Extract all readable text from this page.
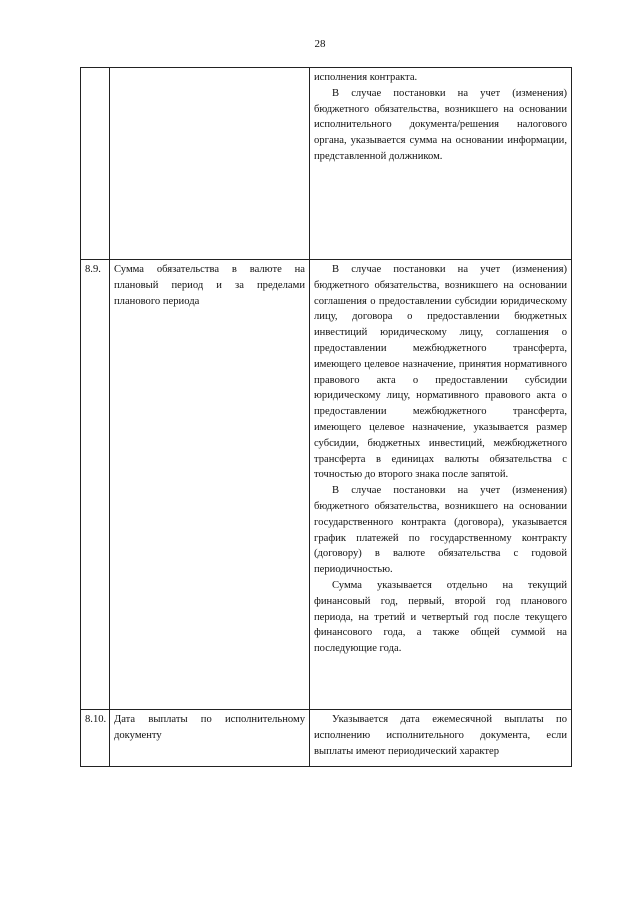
28

		исполнения контракта.

В случае постановки на учет (изменения) бюджетного обязательства, возникшего на основании исполнительного документа/решения налогового органа, указывается сумма на основании информации, представленной должником.

8.9.	Сумма обязательства в валюте на плановый период и за пределами планового периода	В случае постановки на учет (изменения) бюджетного обязательства, возникшего на основании соглашения о предоставлении субсидии юридическому лицу, договора о предоставлении бюджетных инвестиций юридическому лицу, соглашения о предоставлении межбюджетного трансферта, имеющего целевое назначение, принятия нормативного правового акта о предоставлении субсидии юридическому лицу, нормативного правового акта о предоставлении межбюджетного трансферта, имеющего целевое назначение, указывается размер субсидии, бюджетных инвестиций, межбюджетного трансферта в единицах валюты обязательства с точностью до второго знака после запятой.

В случае постановки на учет (изменения) бюджетного обязательства, возникшего на основании государственного контракта (договора), указывается график платежей по государственному контракту (договору) в валюте обязательства с годовой периодичностью.

Сумма указывается отдельно на текущий финансовый год, первый, второй год планового периода, на третий и четвертый год после текущего финансового года, а также общей суммой на последующие года.

8.10.	Дата выплаты по исполнительному документу	Указывается дата ежемесячной выплаты по исполнению исполнительного документа, если выплаты имеют периодический характер
